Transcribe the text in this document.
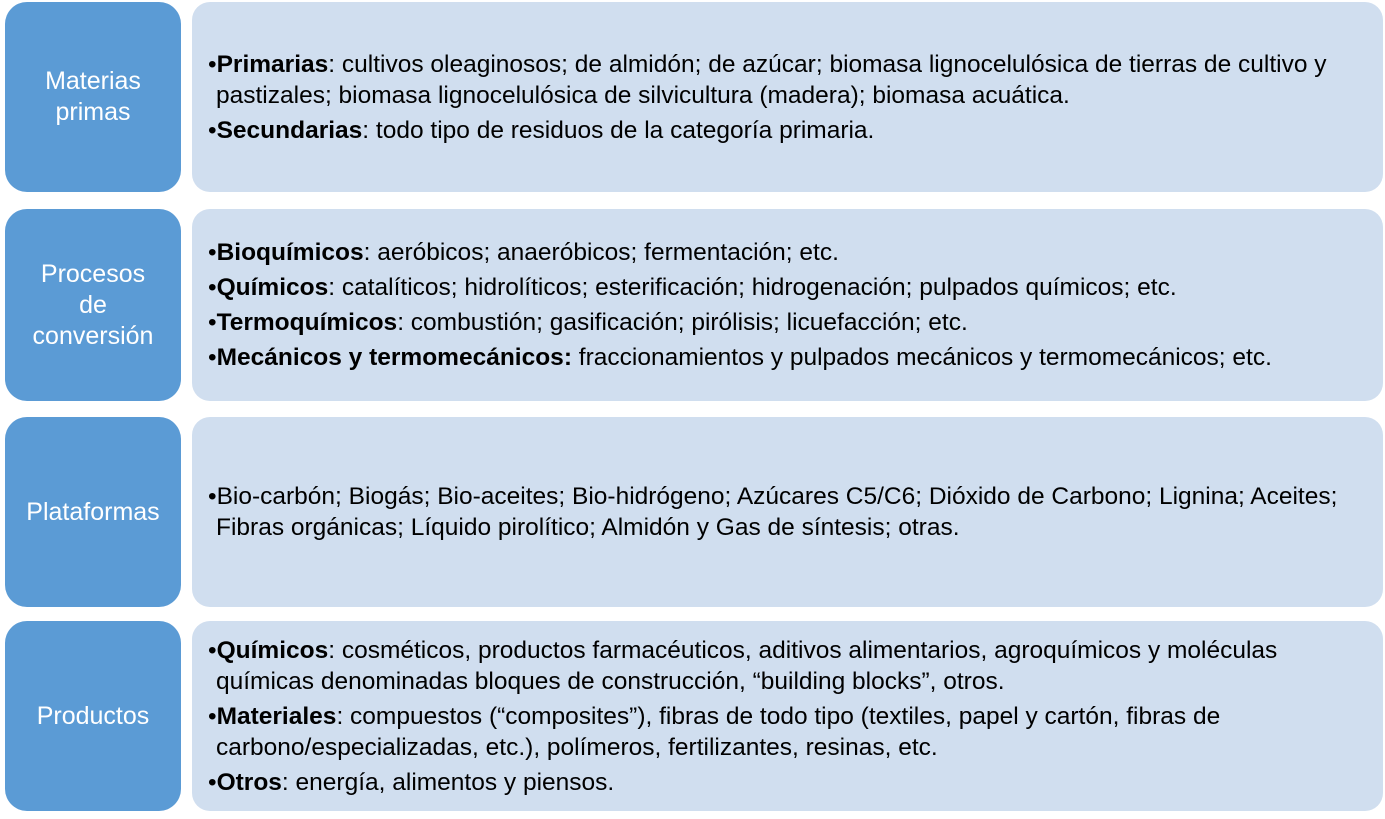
Materias
primas
•Primarias: cultivos oleaginosos; de almidón; de azúcar; biomasa lignocelulósica de tierras de cultivo y pastizales; biomasa lignocelulósica de silvicultura (madera); biomasa acuática.
•Secundarias: todo tipo de residuos de la categoría primaria.
Procesos
de
conversión
•Bioquímicos: aeróbicos; anaeróbicos; fermentación; etc.
•Químicos: catalíticos; hidrolíticos; esterificación; hidrogenación; pulpados químicos; etc.
•Termoquímicos: combustión; gasificación; pirólisis; licuefacción; etc.
•Mecánicos y termomecánicos: fraccionamientos y pulpados mecánicos y termomecánicos; etc.
Plataformas
•Bio-carbón; Biogás; Bio-aceites; Bio-hidrógeno; Azúcares C5/C6; Dióxido de Carbono; Lignina; Aceites; Fibras orgánicas; Líquido pirolítico; Almidón y Gas de síntesis; otras.
Productos
•Químicos: cosméticos, productos farmacéuticos, aditivos alimentarios, agroquímicos y moléculas químicas denominadas bloques de construcción, “building blocks”, otros.
•Materiales: compuestos (“composites”), fibras de todo tipo (textiles, papel y cartón, fibras de carbono/especializadas, etc.), polímeros, fertilizantes, resinas, etc.
•Otros: energía, alimentos y piensos.
